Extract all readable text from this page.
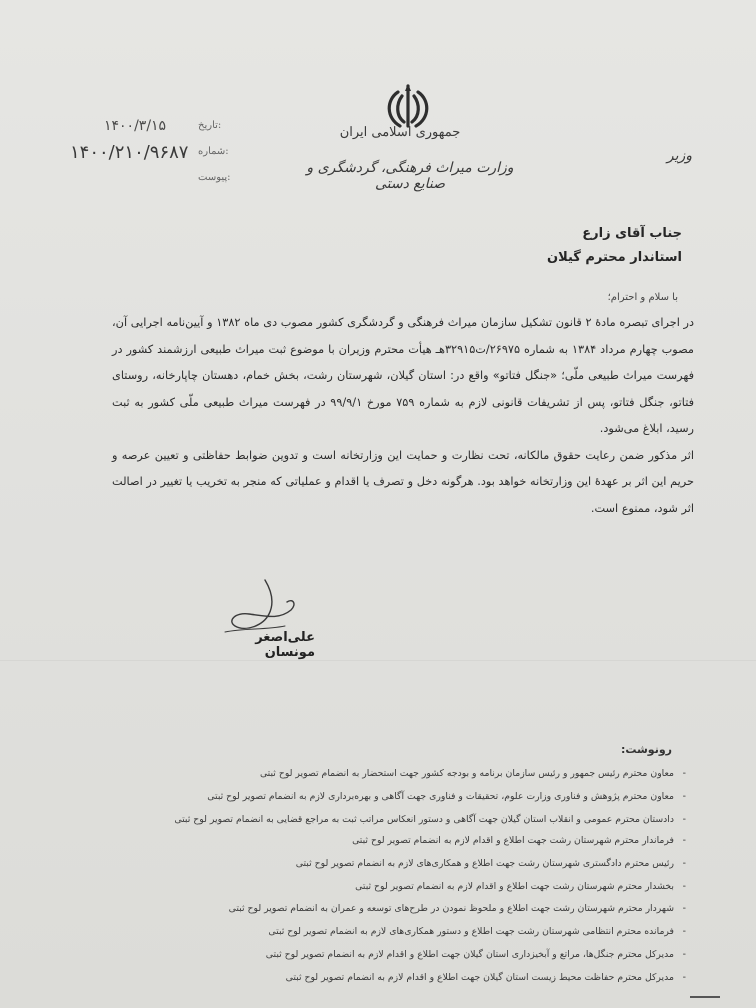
جمهوری اسلامی ایران
وزارت میراث فرهنگی، گردشگری و صنایع دستی
وزیر
تاریخ:
۱۴۰۰/۳/۱۵
شماره:
۱۴۰۰/۲۱۰/۹۶۸۷
پیوست:
جناب آقای زارع
استاندار محترم گیلان
با سلام و احترام؛

در اجرای تبصره مادهٔ ۲ قانون تشکیل سازمان میراث فرهنگی و گردشگری کشور مصوب دی ماه ۱۳۸۲ و آیین‌نامه اجرایی آن، مصوب چهارم مرداد ۱۳۸۴ به شماره ۲۶۹۷۵/ت۳۲۹۱۵هـ هیأت محترم وزیران با موضوع ثبت میراث طبیعی ارزشمند کشور در فهرست میراث طبیعی ملّی؛ «جنگل فتاتو» واقع در: استان گیلان، شهرستان رشت، بخش خمام، دهستان چاپارخانه، روستای فتاتو، جنگل فتاتو، پس از تشریفات قانونی لازم به شماره ۷۵۹ مورخ ۹۹/۹/۱ در فهرست میراث طبیعی ملّی کشور به ثبت رسید، ابلاغ می‌شود.

اثر مذکور ضمن رعایت حقوق مالکانه، تحت نظارت و حمایت این وزارتخانه است و تدوین ضوابط حفاظتی و تعیین عرصه و حریم این اثر بر عهدهٔ این وزارتخانه خواهد بود. هرگونه دخل و تصرف یا اقدام و عملیاتی که منجر به تخریب یا تغییر در اصالت اثر شود، ممنوع است.

علی‌اصغر مونسان
رونوشت:
- معاون محترم رئیس جمهور و رئیس سازمان برنامه و بودجه کشور جهت استحضار به انضمام تصویر لوح ثبتی
- معاون محترم پژوهش و فناوری وزارت علوم، تحقیقات و فناوری جهت آگاهی و بهره‌برداری لازم به انضمام تصویر لوح ثبتی
- دادستان محترم عمومی و انقلاب استان گیلان جهت آگاهی و دستور انعکاس مراتب ثبت به مراجع قضایی به انضمام تصویر لوح ثبتی
- فرماندار محترم شهرستان رشت جهت اطلاع و اقدام لازم به انضمام تصویر لوح ثبتی
- رئیس محترم دادگستری شهرستان رشت جهت اطلاع و همکاری‌های لازم به انضمام تصویر لوح ثبتی
- بخشدار محترم شهرستان رشت جهت اطلاع و اقدام لازم به انضمام تصویر لوح ثبتی
- شهردار محترم شهرستان رشت جهت اطلاع و ملحوظ نمودن در طرح‌های توسعه و عمران به انضمام تصویر لوح ثبتی
- فرمانده محترم انتظامی شهرستان رشت جهت اطلاع و دستور همکاری‌های لازم به انضمام تصویر لوح ثبتی
- مدیرکل محترم جنگل‌ها، مراتع و آبخیزداری استان گیلان جهت اطلاع و اقدام لازم به انضمام تصویر لوح ثبتی
- مدیرکل محترم حفاظت محیط زیست استان گیلان جهت اطلاع و اقدام لازم به انضمام تصویر لوح ثبتی
